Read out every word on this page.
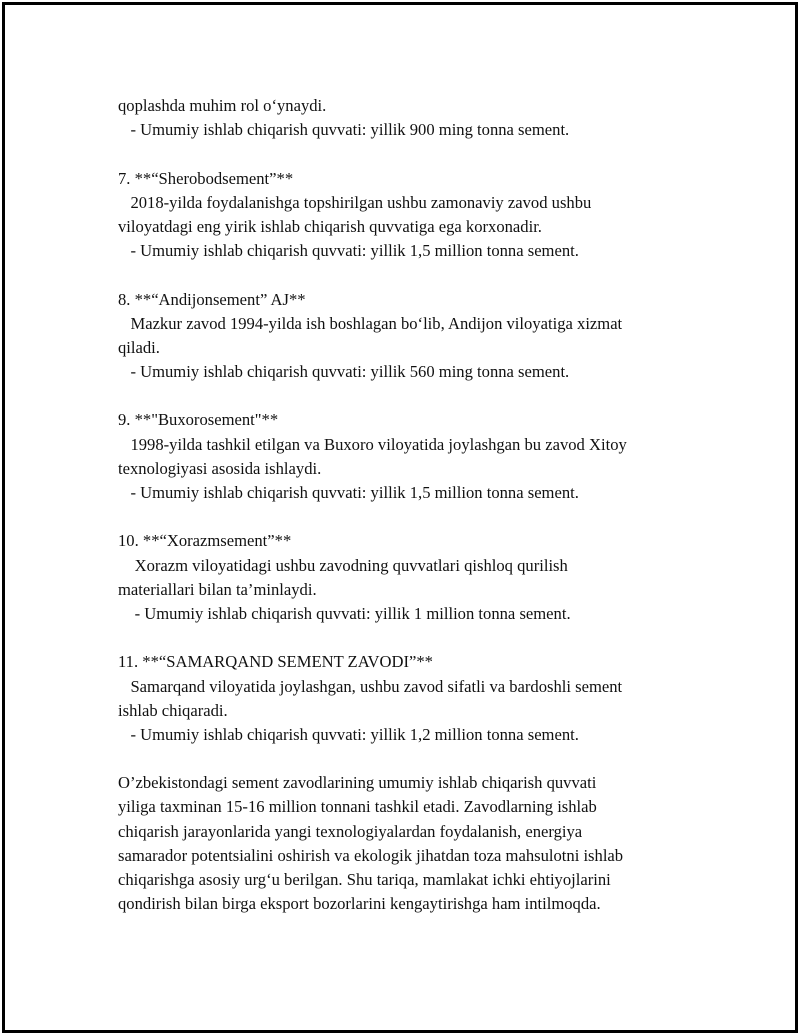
qoplashda muhim rol o‘ynaydi.
- Umumiy ishlab chiqarish quvvati: yillik 900 ming tonna sement.
7. **“Sherobodsement”**
2018-yilda foydalanishga topshirilgan ushbu zamonaviy zavod ushbu
viloyatdagi eng yirik ishlab chiqarish quvvatiga ega korxonadir.
- Umumiy ishlab chiqarish quvvati: yillik 1,5 million tonna sement.
8. **“Andijonsement” AJ**
Mazkur zavod 1994-yilda ish boshlagan bo‘lib, Andijon viloyatiga xizmat
qiladi.
- Umumiy ishlab chiqarish quvvati: yillik 560 ming tonna sement.
9. **"Buxorosement"**
1998-yilda tashkil etilgan va Buxoro viloyatida joylashgan bu zavod Xitoy
texnologiyasi asosida ishlaydi.
- Umumiy ishlab chiqarish quvvati: yillik 1,5 million tonna sement.
10. **“Xorazmsement”**
Xorazm viloyatidagi ushbu zavodning quvvatlari qishloq qurilish
materiallari bilan ta’minlaydi.
- Umumiy ishlab chiqarish quvvati: yillik 1 million tonna sement.
11. **“SAMARQAND SEMENT ZAVODI”**
Samarqand viloyatida joylashgan, ushbu zavod sifatli va bardoshli sement
ishlab chiqaradi.
- Umumiy ishlab chiqarish quvvati: yillik 1,2 million tonna sement.
O’zbekistondagi sement zavodlarining umumiy ishlab chiqarish quvvati
yiliga taxminan 15-16 million tonnani tashkil etadi. Zavodlarning ishlab
chiqarish jarayonlarida yangi texnologiyalardan foydalanish, energiya
samarador potentsialini oshirish va ekologik jihatdan toza mahsulotni ishlab
chiqarishga asosiy urg‘u berilgan. Shu tariqa, mamlakat ichki ehtiyojlarini
qondirish bilan birga eksport bozorlarini kengaytirishga ham intilmoqda.
